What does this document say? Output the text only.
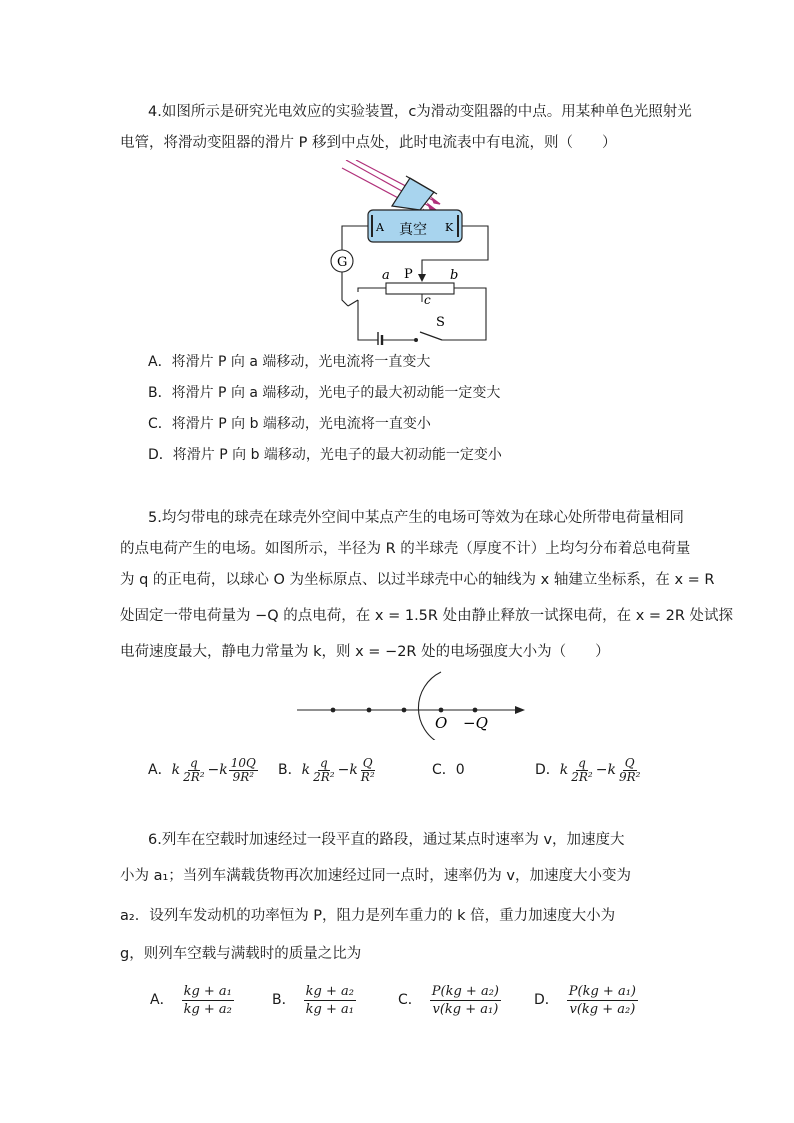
4.如图所示是研究光电效应的实验装置，c为滑动变阻器的中点。用某种单色光照射光
电管，将滑动变阻器的滑片 P 移到中点处，此时电流表中有电流，则（　　）
A	K
真空
G
a P	b
c
S
A．将滑片 P 向 a 端移动，光电流将一直变大
B．将滑片 P 向 a 端移动，光电子的最大初动能一定变大
C．将滑片 P 向 b 端移动，光电流将一直变小
D．将滑片 P 向 b 端移动，光电子的最大初动能一定变小
5.均匀带电的球壳在球壳外空间中某点产生的电场可等效为在球心处所带电荷量相同
的点电荷产生的电场。如图所示，半径为 R 的半球壳（厚度不计）上均匀分布着总电荷量
为 q 的正电荷，以球心 O 为坐标原点、以过半球壳中心的轴线为 x 轴建立坐标系，在 x = R
处固定一带电荷量为 −Q 的点电荷，在 x = 1.5R 处由静止释放一试探电荷，在 x = 2R 处试探
电荷速度最大，静电力常量为 k，则 x = −2R 处的电场强度大小为（　　）
O −Q
A． k $\frac{q}{\text{2R²}} - k \frac{10Q}{\text{9R²}}$ B． k $\frac{q}{\text{2R²}} - k \frac{Q}{\text{R²}}$	C．0	D． k $\frac{q}{\text{2R²}} - k \frac{Q}{\text{9R²}}$
6.列车在空载时加速经过一段平直的路段，通过某点时速率为 v，加速度大
小为 a₁；当列车满载货物再次加速经过同一点时，速率仍为 v，加速度大小变为
a₂．设列车发动机的功率恒为 P，阻力是列车重力的 k 倍，重力加速度大小为
g，则列车空载与满载时的质量之比为
A． $\frac{\text{kg + a₁}}{\text{kg + a₂}}$	B． $\frac{\text{kg + a₂}}{\text{kg + a₁}}$	C． $\frac{\text{P(kg + a₂)}}{\text{v(kg + a₁)}}$ D． $\frac{\text{P(kg + a₁)}}{\text{v(kg + a₂)}}$
